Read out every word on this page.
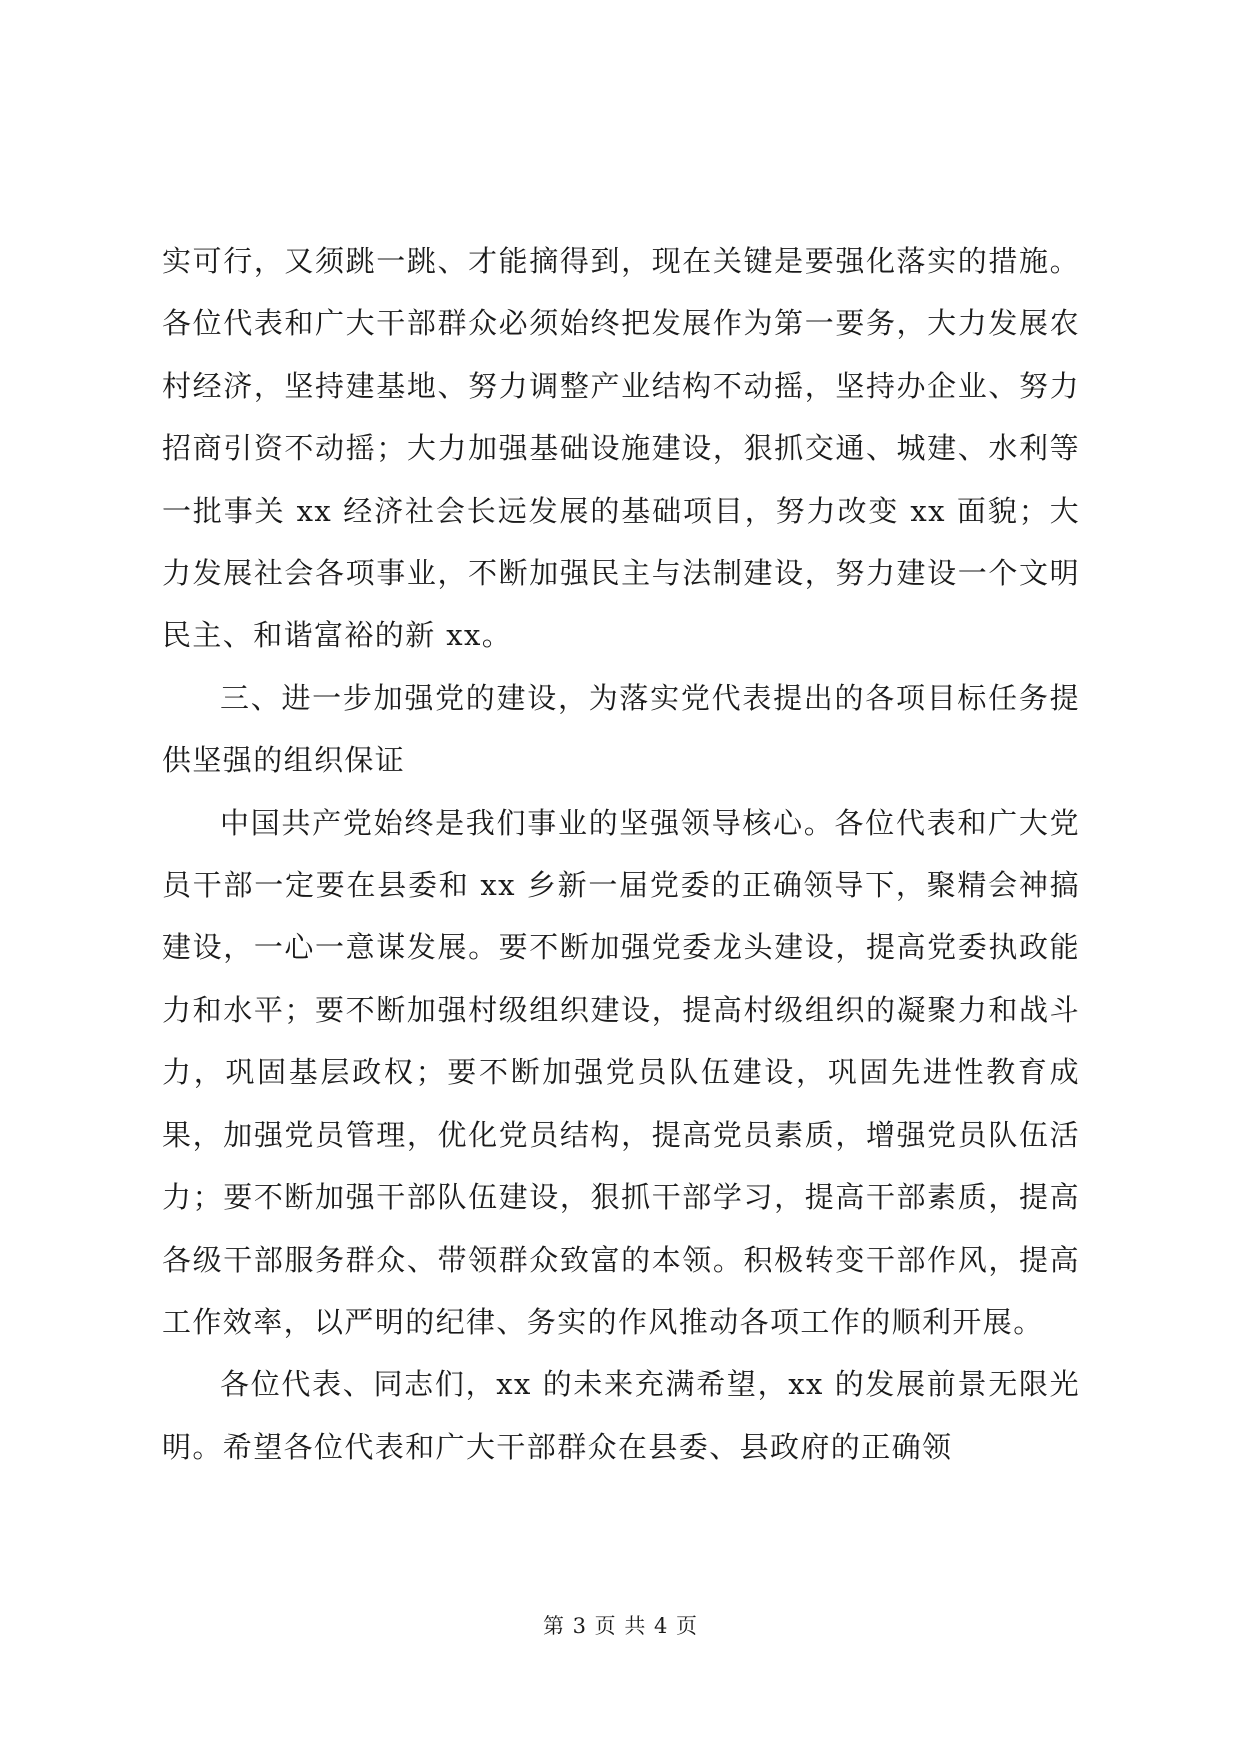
实可行，又须跳一跳、才能摘得到，现在关键是要强化落实的措施。各位代表和广大干部群众必须始终把发展作为第一要务，大力发展农村经济，坚持建基地、努力调整产业结构不动摇，坚持办企业、努力招商引资不动摇；大力加强基础设施建设，狠抓交通、城建、水利等一批事关 xx 经济社会长远发展的基础项目，努力改变 xx 面貌；大力发展社会各项事业，不断加强民主与法制建设，努力建设一个文明民主、和谐富裕的新 xx。

三、进一步加强党的建设，为落实党代表提出的各项目标任务提供坚强的组织保证

中国共产党始终是我们事业的坚强领导核心。各位代表和广大党员干部一定要在县委和 xx 乡新一届党委的正确领导下，聚精会神搞建设，一心一意谋发展。要不断加强党委龙头建设，提高党委执政能力和水平；要不断加强村级组织建设，提高村级组织的凝聚力和战斗力，巩固基层政权；要不断加强党员队伍建设，巩固先进性教育成果，加强党员管理，优化党员结构，提高党员素质，增强党员队伍活力；要不断加强干部队伍建设，狠抓干部学习，提高干部素质，提高各级干部服务群众、带领群众致富的本领。积极转变干部作风，提高工作效率，以严明的纪律、务实的作风推动各项工作的顺利开展。

各位代表、同志们，xx 的未来充满希望，xx 的发展前景无限光明。希望各位代表和广大干部群众在县委、县政府的正确领

第 3 页 共 4 页
